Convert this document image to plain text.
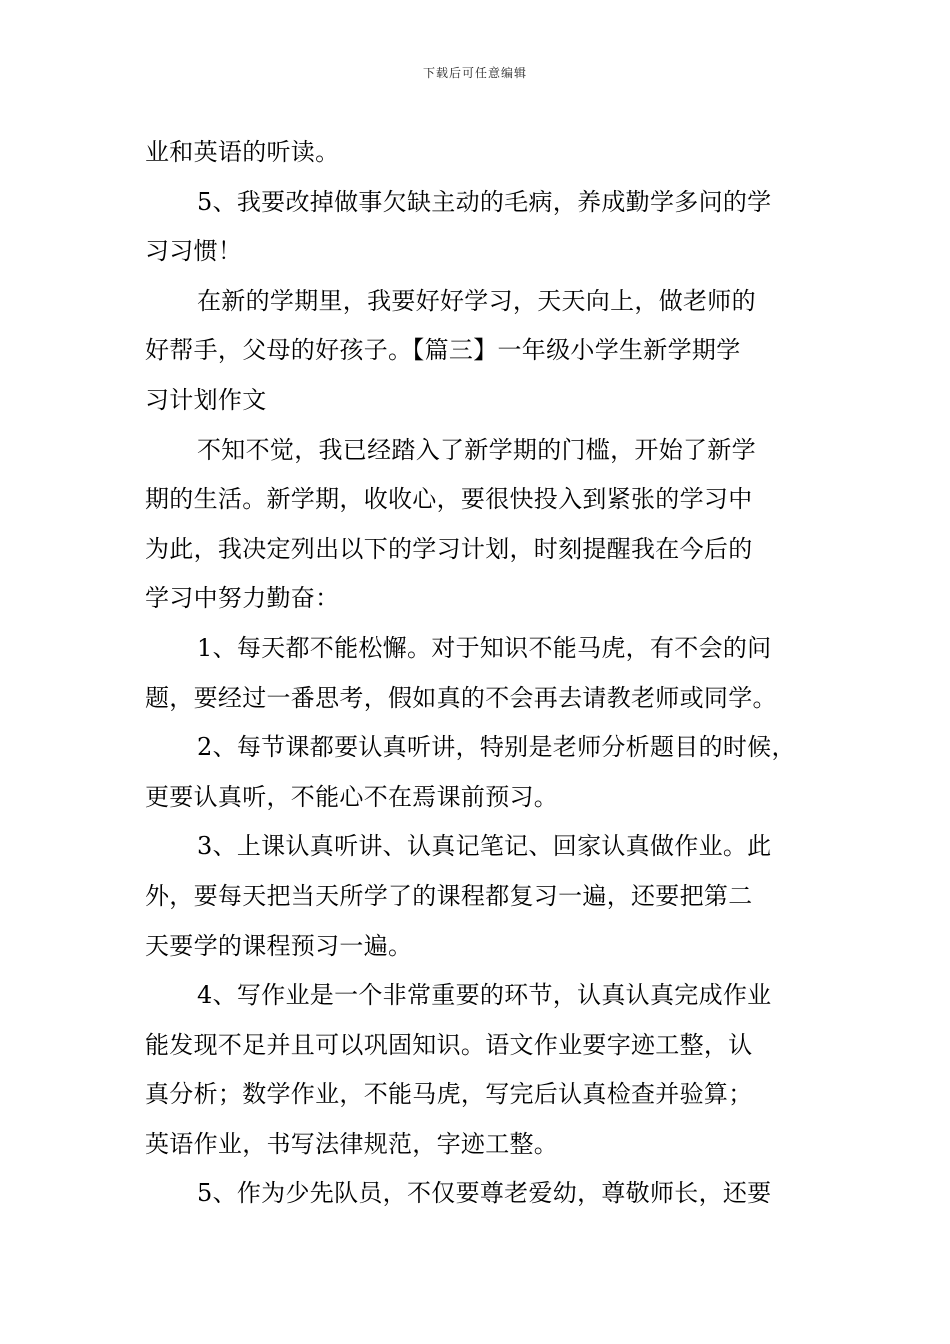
下载后可任意编辑
业和英语的听读。
5、我要改掉做事欠缺主动的毛病，养成勤学多问的学
习习惯！
在新的学期里，我要好好学习，天天向上，做老师的
好帮手，父母的好孩子。【篇三】一年级小学生新学期学
习计划作文
不知不觉，我已经踏入了新学期的门槛，开始了新学
期的生活。新学期，收收心，要很快投入到紧张的学习中
为此，我决定列出以下的学习计划，时刻提醒我在今后的
学习中努力勤奋：
1、每天都不能松懈。对于知识不能马虎，有不会的问
题，要经过一番思考，假如真的不会再去请教老师或同学。
2、每节课都要认真听讲，特别是老师分析题目的时候，
更要认真听，不能心不在焉课前预习。
3、上课认真听讲、认真记笔记、回家认真做作业。此
外，要每天把当天所学了的课程都复习一遍，还要把第二
天要学的课程预习一遍。
4、写作业是一个非常重要的环节，认真认真完成作业
能发现不足并且可以巩固知识。语文作业要字迹工整，认
真分析；数学作业，不能马虎，写完后认真检查并验算；
英语作业，书写法律规范，字迹工整。
5、作为少先队员，不仅要尊老爱幼，尊敬师长，还要
